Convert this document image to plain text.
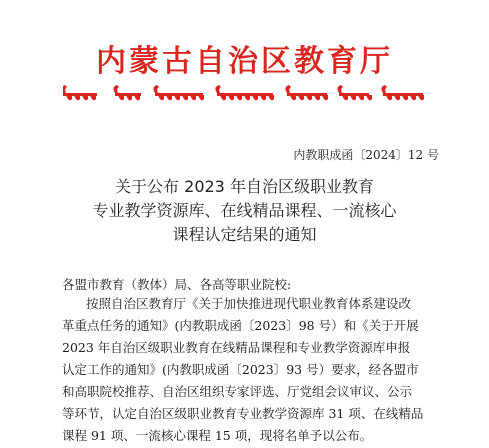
内蒙古自治区教育厅
内教职成函〔2024〕12 号
关于公布 2023 年自治区级职业教育
专业教学资源库、在线精品课程、一流核心
课程认定结果的通知
各盟市教育（教体）局、各高等职业院校:
按照自治区教育厅《关于加快推进现代职业教育体系建设改
革重点任务的通知》(内教职成函〔2023〕98 号）和《关于开展
2023 年自治区级职业教育在线精品课程和专业教学资源库申报
认定工作的通知》(内教职成函〔2023〕93 号）要求，经各盟市
和高职院校推荐、自治区组织专家评选、厅党组会议审议、公示
等环节，认定自治区级职业教育专业教学资源库 31 项、在线精品
课程 91 项、一流核心课程 15 项，现将名单予以公布。
